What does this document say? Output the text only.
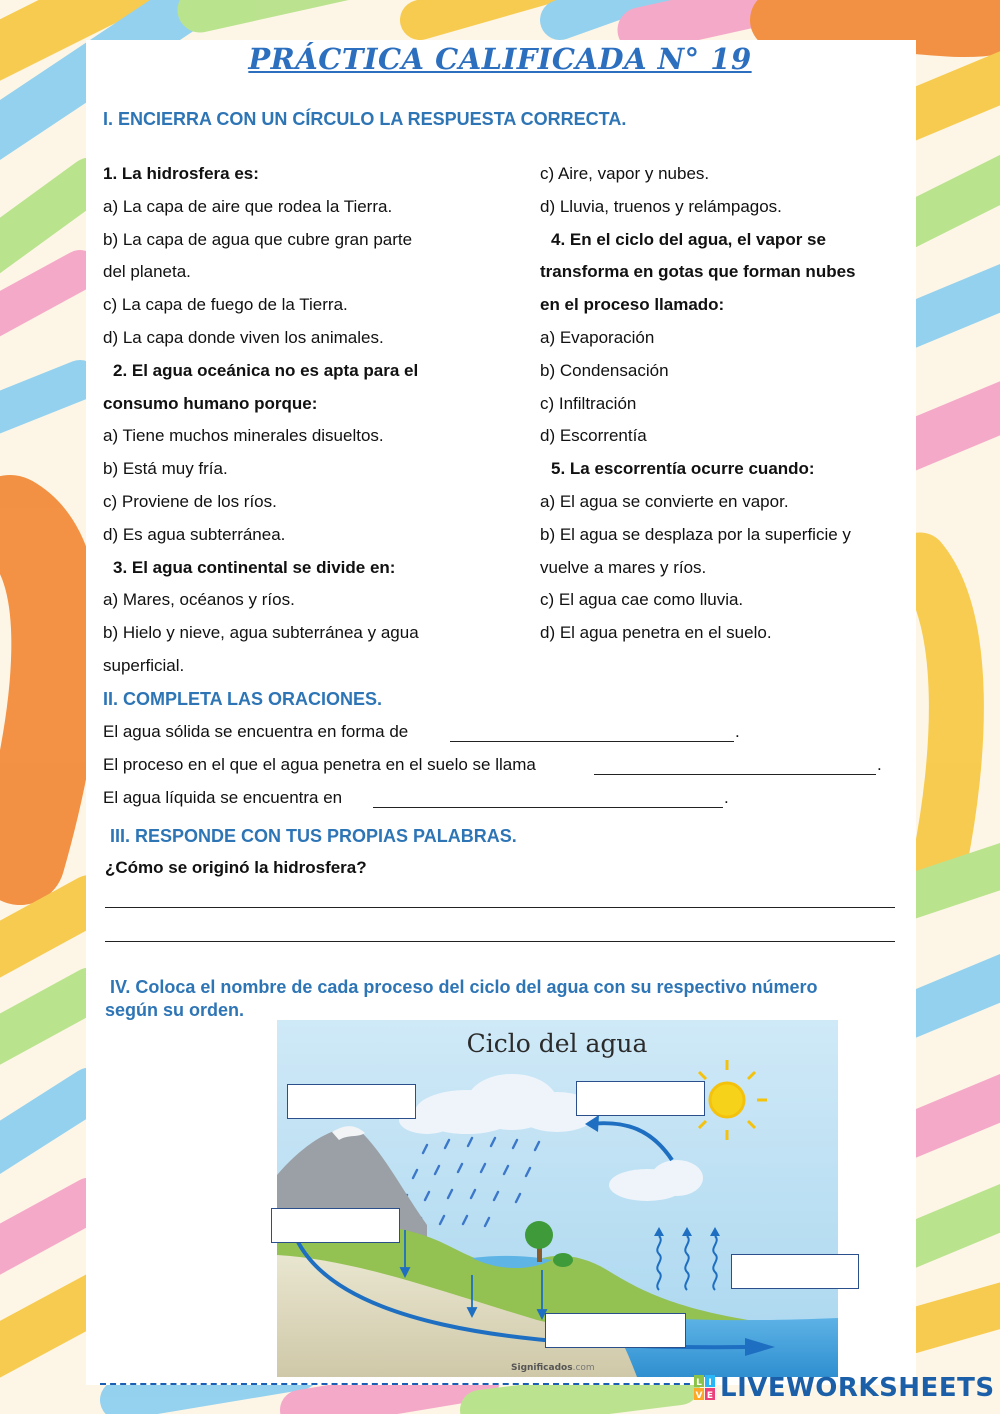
PRÁCTICA CALIFICADA N° 19
I. ENCIERRA CON UN CÍRCULO LA RESPUESTA CORRECTA.
1. La hidrosfera es:
a) La capa de aire que rodea la Tierra.
b) La capa de agua que cubre gran parte
del planeta.
c) La capa de fuego de la Tierra.
d) La capa donde viven los animales.
2. El agua oceánica no es apta para el
consumo humano porque:
a) Tiene muchos minerales disueltos.
b) Está muy fría.
c) Proviene de los ríos.
d) Es agua subterránea.
3. El agua continental se divide en:
a) Mares, océanos y ríos.
b) Hielo y nieve, agua subterránea y agua
superficial.
c) Aire, vapor y nubes.
d) Lluvia, truenos y relámpagos.
4. En el ciclo del agua, el vapor se
transforma en gotas que forman nubes
en el proceso llamado:
a) Evaporación
b) Condensación
c) Infiltración
d) Escorrentía
5. La escorrentía ocurre cuando:
a) El agua se convierte en vapor.
b) El agua se desplaza por la superficie y
vuelve a mares y ríos.
c) El agua cae como lluvia.
d) El agua penetra en el suelo.
II. COMPLETA LAS ORACIONES.
El agua sólida se encuentra en forma de	.
El proceso en el que el agua penetra en el suelo se llama	.
El agua líquida se encuentra en	.
III. RESPONDE CON TUS PROPIAS PALABRAS.
¿Cómo se originó la hidrosfera?
IV. Coloca el nombre de cada proceso del ciclo del agua con su respectivo número
según su orden.
Ciclo del agua
Significados.com
L I
V E LIVEWORKSHEETS
